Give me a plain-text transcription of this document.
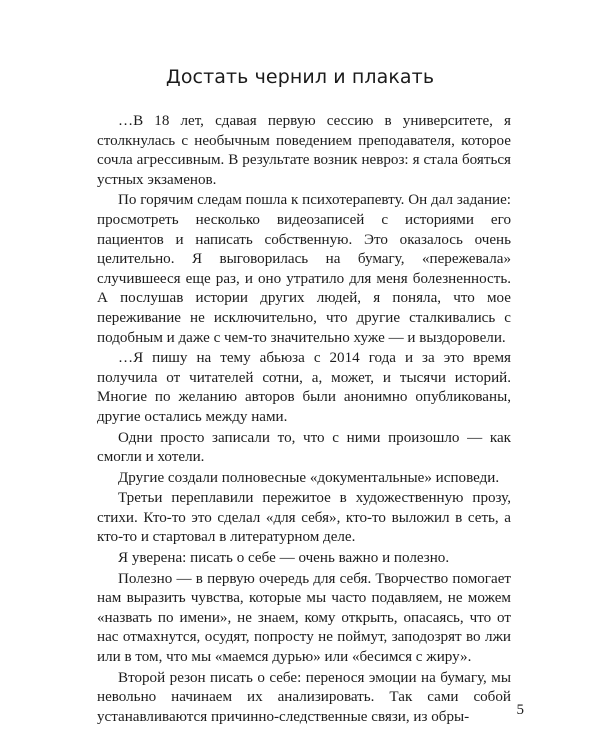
Достать чернил и плакать

…В 18 лет, сдавая первую сессию в университете, я столкнулась с необычным поведением преподавателя, которое сочла агрессивным. В результате возник невроз: я стала бояться устных экзаменов.

По горячим следам пошла к психотерапевту. Он дал задание: просмотреть несколько видеозаписей с историями его пациентов и написать собственную. Это оказалось очень целительно. Я выговорилась на бумагу, «пережевала» случившееся еще раз, и оно утратило для меня болезненность. А послушав истории других людей, я поняла, что мое переживание не исключительно, что другие сталкивались с подобным и даже с чем-то значительно хуже — и выздоровели.

…Я пишу на тему абьюза с 2014 года и за это время получила от читателей сотни, а, может, и тысячи историй. Многие по желанию авторов были анонимно опубликованы, другие остались между нами.

Одни просто записали то, что с ними произошло — как смогли и хотели.

Другие создали полновесные «документальные» исповеди.

Третьи переплавили пережитое в художественную прозу, стихи. Кто-то это сделал «для себя», кто-то выложил в сеть, а кто-то и стартовал в литературном деле.

Я уверена: писать о себе — очень важно и полезно.

Полезно — в первую очередь для себя. Творчество помогает нам выразить чувства, которые мы часто подавляем, не можем «назвать по имени», не знаем, кому открыть, опасаясь, что от нас отмахнутся, осудят, попросту не поймут, заподозрят во лжи или в том, что мы «маемся дурью» или «бесимся с жиру».

Второй резон писать о себе: перенося эмоции на бумагу, мы невольно начинаем их анализировать. Так сами собой устанавливаются причинно-следственные связи, из обры-	5
